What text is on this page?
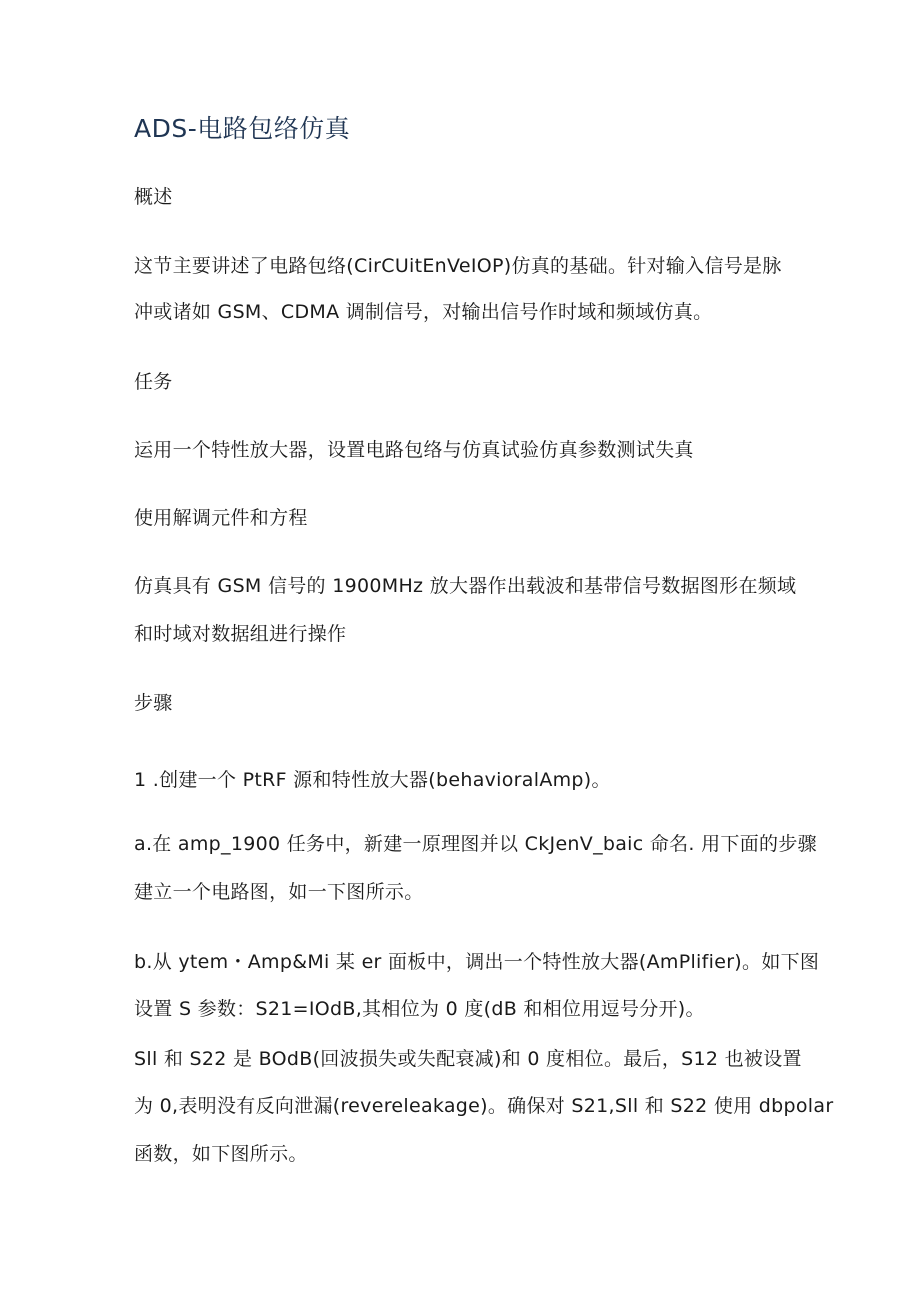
ADS-电路包络仿真
概述
这节主要讲述了电路包络(CirCUitEnVeIOP)仿真的基础。针对输入信号是脉
冲或诸如 GSM、CDMA 调制信号，对输出信号作时域和频域仿真。
任务
运用一个特性放大器，设置电路包络与仿真试验仿真参数测试失真
使用解调元件和方程
仿真具有 GSM 信号的 1900MHz 放大器作出载波和基带信号数据图形在频域
和时域对数据组进行操作
步骤
1 .创建一个 PtRF 源和特性放大器(behavioralAmp)。
a.在 amp_1900 任务中，新建一原理图并以 CkJenV_baic 命名. 用下面的步骤
建立一个电路图，如一下图所示。
b.从 ytem・Amp&Mi 某 er 面板中，调出一个特性放大器(AmPlifier)。如下图
设置 S 参数：S21=IOdB,其相位为 0 度(dB 和相位用逗号分开)。
Sll 和 S22 是 BOdB(回波损失或失配衰减)和 0 度相位。最后，S12 也被设置
为 0,表明没有反向泄漏(revereleakage)。确保对 S21,Sll 和 S22 使用 dbpolar
函数，如下图所示。
